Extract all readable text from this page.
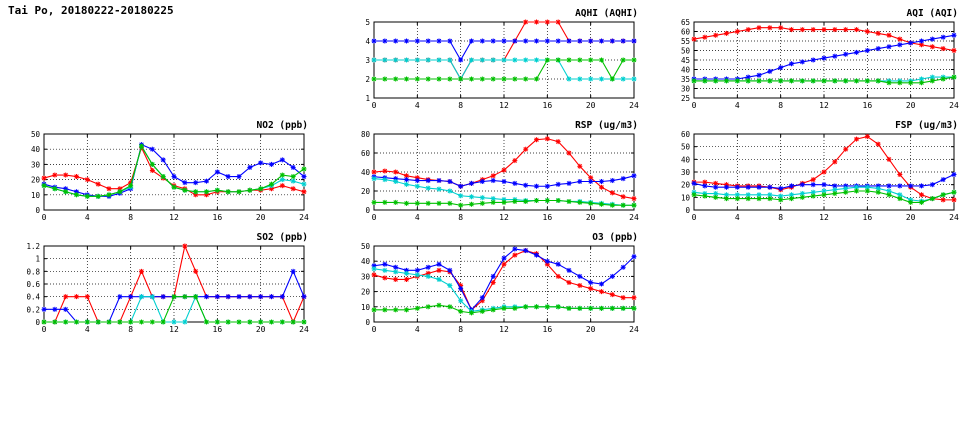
Tai Po, 20180222-20180225	AQHI (AQHI)
1
2
3
4
5
0	4	8	12	16	20	24
AQI (AQI)
25
30
35
40
45
50
55
60
65
0	4	8	12	16	20	24
NO2 (ppb)
0
10
20
30
40
50
0	4	8	12	16	20	24
RSP (ug/m3)
0
20
40
60
80
0	4	8	12	16	20	24
FSP (ug/m3)
0
10
20
30
40
50
60
0	4	8	12	16	20	24
SO2 (ppb)
0
0.2
0.4
0.6
0.8
1
1.2
0	4	8	12	16	20	24
O3 (ppb)
0
10
20
30
40
50
0	4	8	12	16	20	24
